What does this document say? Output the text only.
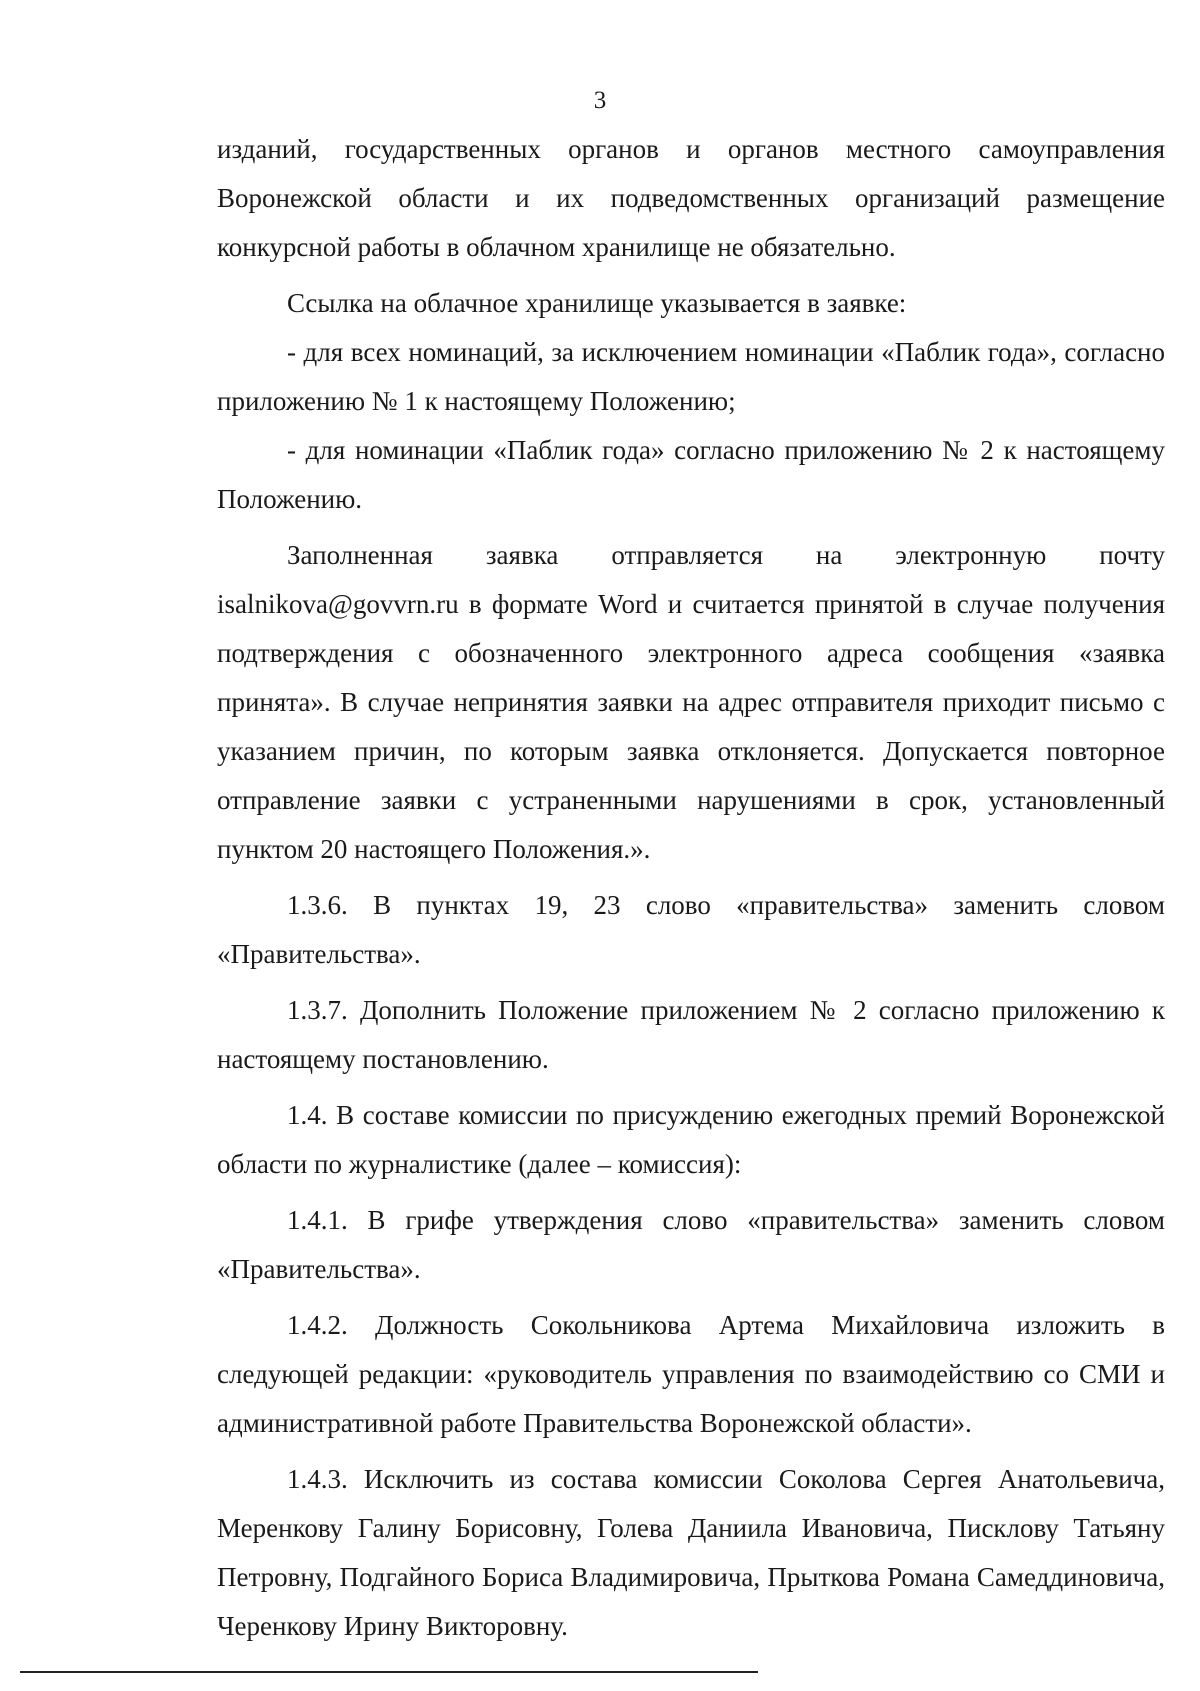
3

изданий, государственных органов и органов местного самоуправления Воронежской области и их подведомственных организаций размещение конкурсной работы в облачном хранилище не обязательно.

Ссылка на облачное хранилище указывается в заявке:

- для всех номинаций, за исключением номинации «Паблик года», согласно приложению № 1 к настоящему Положению;

- для номинации «Паблик года» согласно приложению № 2 к настоящему Положению.

Заполненная заявка отправляется на электронную почту isalnikova@govvrn.ru в формате Word и считается принятой в случае получения подтверждения с обозначенного электронного адреса сообщения «заявка принята». В случае непринятия заявки на адрес отправителя приходит письмо с указанием причин, по которым заявка отклоняется. Допускается повторное отправление заявки с устраненными нарушениями в срок, установленный пунктом 20 настоящего Положения.».

1.3.6. В пунктах 19, 23 слово «правительства» заменить словом «Правительства».

1.3.7. Дополнить Положение приложением № 2 согласно приложению к настоящему постановлению.

1.4. В составе комиссии по присуждению ежегодных премий Воронежской области по журналистике (далее – комиссия):

1.4.1. В грифе утверждения слово «правительства» заменить словом «Правительства».

1.4.2. Должность Сокольникова Артема Михайловича изложить в следующей редакции: «руководитель управления по взаимодействию со СМИ и административной работе Правительства Воронежской области».

1.4.3. Исключить из состава комиссии Соколова Сергея Анатольевича, Меренкову Галину Борисовну, Голева Даниила Ивановича, Писклову Татьяну Петровну, Подгайного Бориса Владимировича, Прыткова Романа Самеддиновича, Черенкову Ирину Викторовну.
